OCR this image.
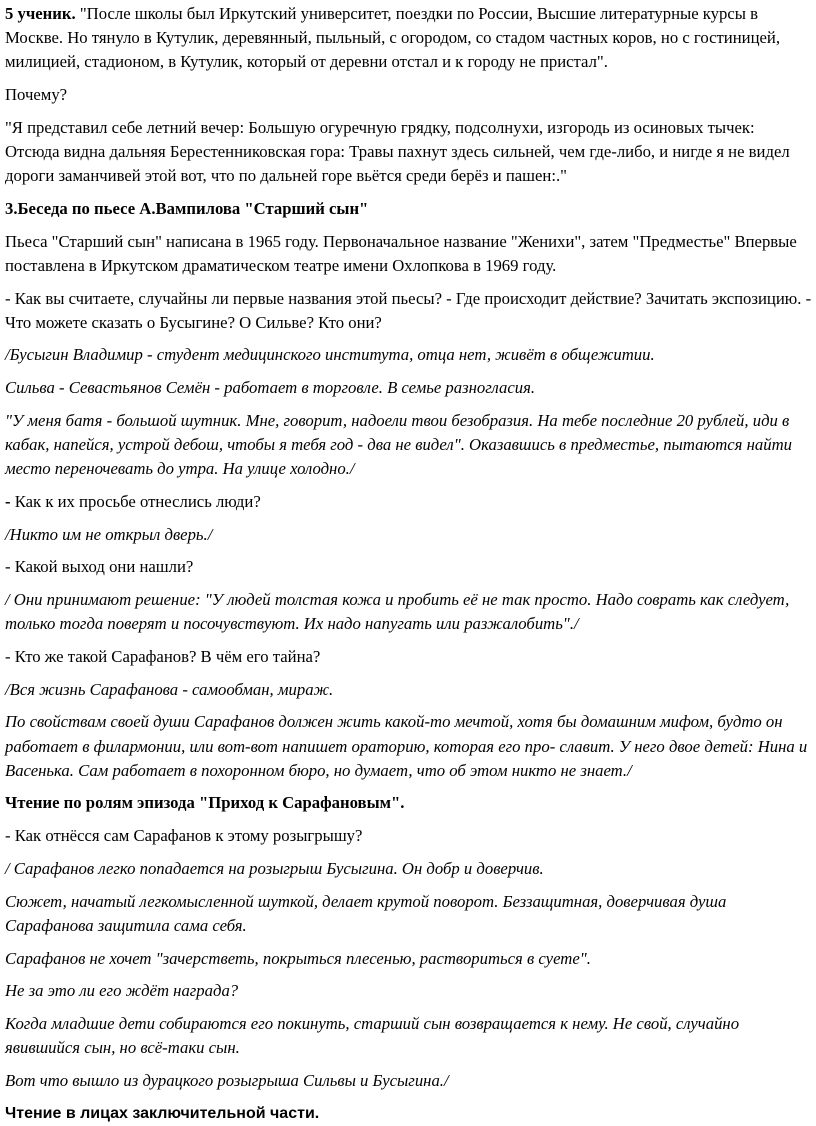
5 ученик. "После школы был Иркутский университет, поездки по России, Высшие литературные курсы в Москве. Но тянуло в Кутулик, деревянный, пыльный, с огородом, со стадом частных коров, но с гостиницей, милицией, стадионом, в Кутулик, который от деревни отстал и к городу не пристал".

Почему?

"Я представил себе летний вечер: Большую огуречную грядку, подсолнухи, изгородь из осиновых тычек: Отсюда видна дальняя Берестенниковская гора: Травы пахнут здесь сильней, чем где-либо, и нигде я не видел дороги заманчивей этой вот, что по дальней горе вьётся среди берёз и пашен:."

3.Беседа по пьесе А.Вампилова "Старший сын"

Пьеса "Старший сын" написана в 1965 году. Первоначальное название "Женихи", затем "Предместье" Впервые поставлена в Иркутском драматическом театре имени Охлопкова в 1969 году.

- Как вы считаете, случайны ли первые названия этой пьесы? - Где происходит действие? Зачитать экспозицию. - Что можете сказать о Бусыгине? О Сильве? Кто они?

/Бусыгин Владимир - студент медицинского института, отца нет, живёт в общежитии.

Сильва - Севастьянов Семён - работает в торговле. В семье разногласия.

"У меня батя - большой шутник. Мне, говорит, надоели твои безобразия. На тебе последние 20 рублей, иди в кабак, напейся, устрой дебош, чтобы я тебя год - два не видел". Оказавшись в предместье, пытаются найти место переночевать до утра. На улице холодно./

- Как к их просьбе отнеслись люди?

/Никто им не открыл дверь./

- Какой выход они нашли?

/ Они принимают решение: "У людей толстая кожа и пробить её не так просто. Надо соврать как следует, только тогда поверят и посочувствуют. Их надо напугать или разжалобить"./

- Кто же такой Сарафанов? В чём его тайна?

/Вся жизнь Сарафанова - самообман, мираж.

По свойствам своей души Сарафанов должен жить какой-то мечтой, хотя бы домашним мифом, будто он работает в филармонии, или вот-вот напишет ораторию, которая его про- славит. У него двое детей: Нина и Васенька. Сам работает в похоронном бюро, но думает, что об этом никто не знает./

Чтение по ролям эпизода "Приход к Сарафановым".

- Как отнёсся сам Сарафанов к этому розыгрышу?

/ Сарафанов легко попадается на розыгрыш Бусыгина. Он добр и доверчив.

Сюжет, начатый легкомысленной шуткой, делает крутой поворот. Беззащитная, доверчивая душа Сарафанова защитила сама себя.

Сарафанов не хочет "зачерстветь, покрыться плесенью, раствориться в суете".

Не за это ли его ждёт награда?

Когда младшие дети собираются его покинуть, старший сын возвращается к нему. Не свой, случайно явившийся сын, но всё-таки сын.

Вот что вышло из дурацкого розыгрыша Сильвы и Бусыгина./

Чтение в лицах заключительной части.
